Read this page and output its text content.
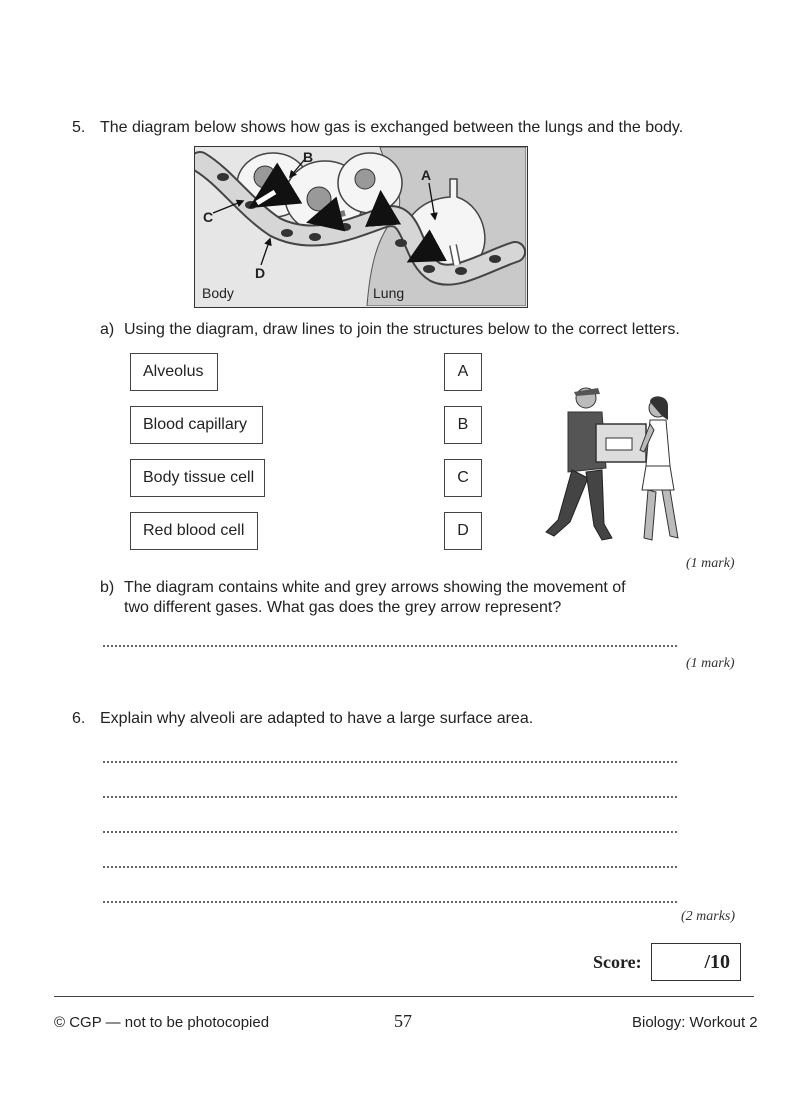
5. The diagram below shows how gas is exchanged between the lungs and the body.
B
A
C
D
Body	Lung
a) Using the diagram, draw lines to join the structures below to the correct letters.
Alveolus
Blood capillary
Body tissue cell
Red blood cell
A
B
C
D
(1 mark)
b) The diagram contains white and grey arrows showing the movement of
two different gases. What gas does the grey arrow represent?
(1 mark)
6. Explain why alveoli are adapted to have a large surface area.
(2 marks)
Score:	/10
© CGP — not to be photocopied	57	Biology: Workout 2
